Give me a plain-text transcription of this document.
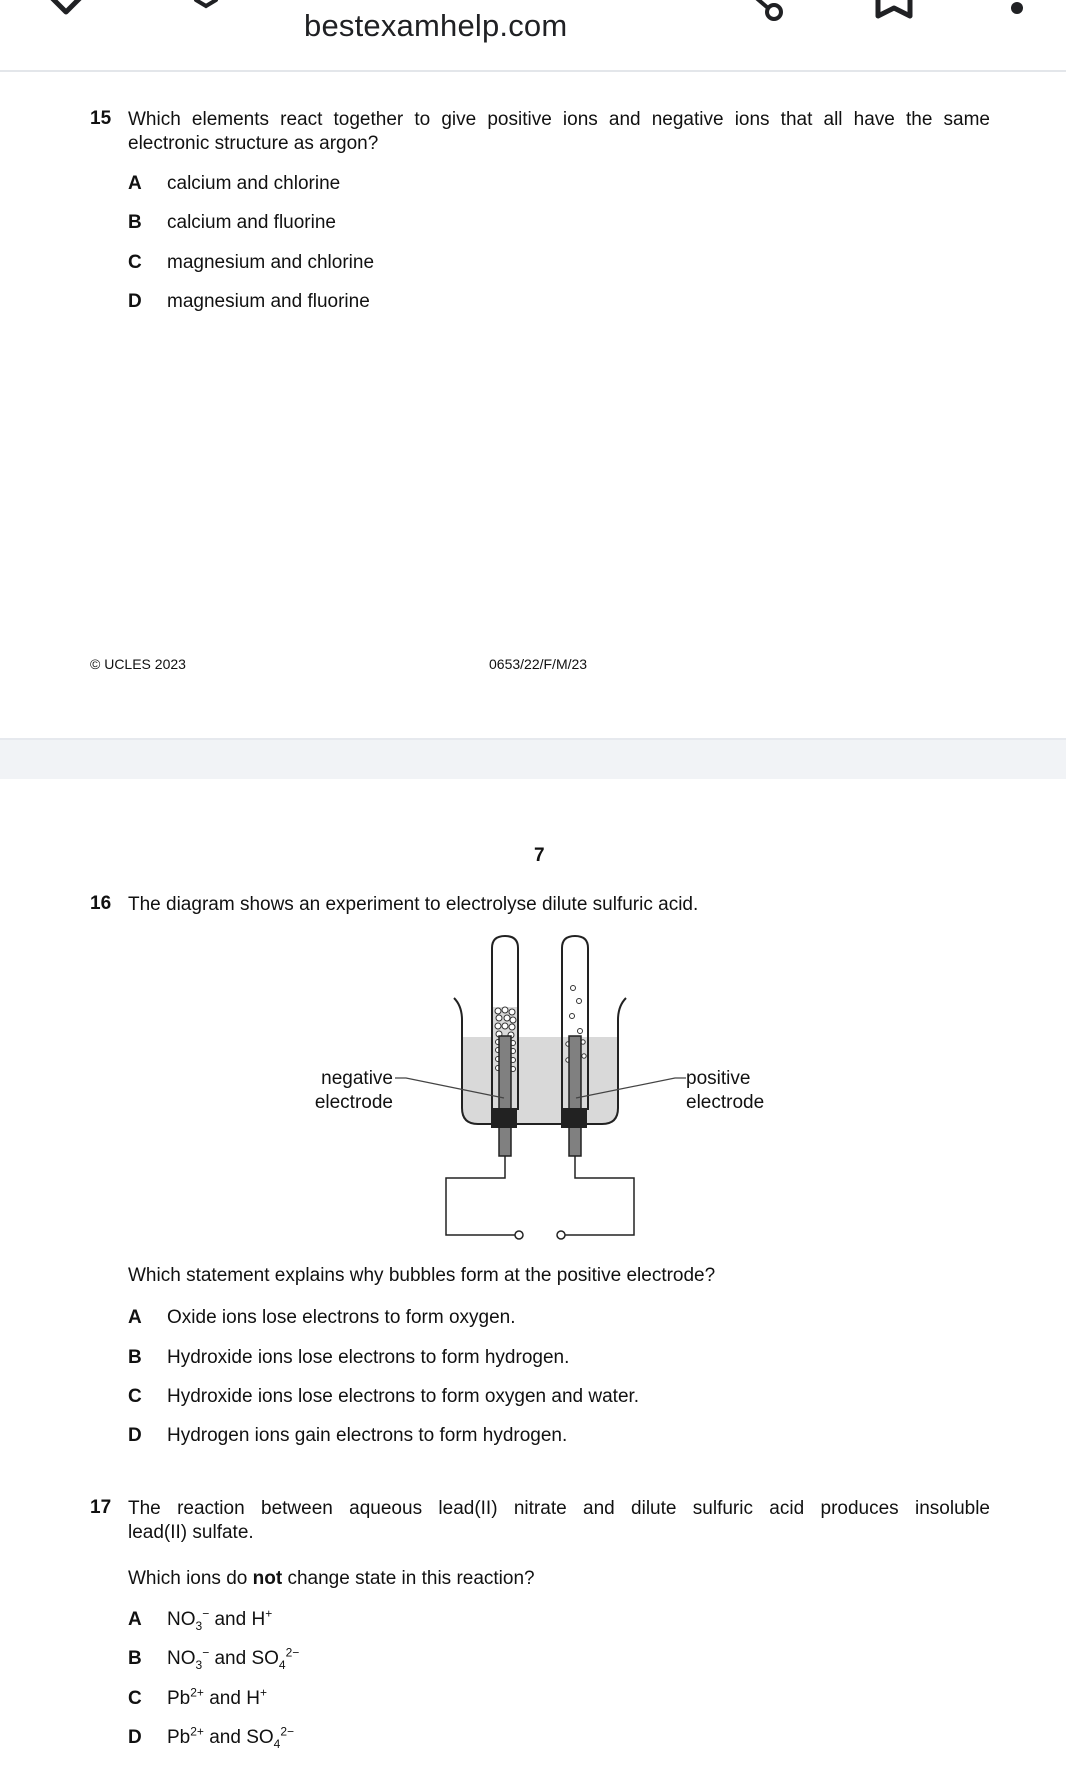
bestexamhelp.com
15 Which elements react together to give positive ions and negative ions that all have the same
electronic structure as argon?
A calcium and chlorine
B calcium and fluorine
C magnesium and chlorine
D magnesium and fluorine
© UCLES 2023	0653/22/F/M/23
7
16 The diagram shows an experiment to electrolyse dilute sulfuric acid.
negative
electrode
positive
electrode
Which statement explains why bubbles form at the positive electrode?
A Oxide ions lose electrons to form oxygen.
B Hydroxide ions lose electrons to form hydrogen.
C Hydroxide ions lose electrons to form oxygen and water.
D Hydrogen ions gain electrons to form hydrogen.
17 The reaction between aqueous lead(II) nitrate and dilute sulfuric acid produces insoluble
lead(II) sulfate.
Which ions do not change state in this reaction?
A $NO_3^-$ and H+
B $NO_3^-$ and $SO_4^{2-}$
C $Pb^{2+}$ and H+
D $Pb^{2+}$ and $SO_4^{2-}$
